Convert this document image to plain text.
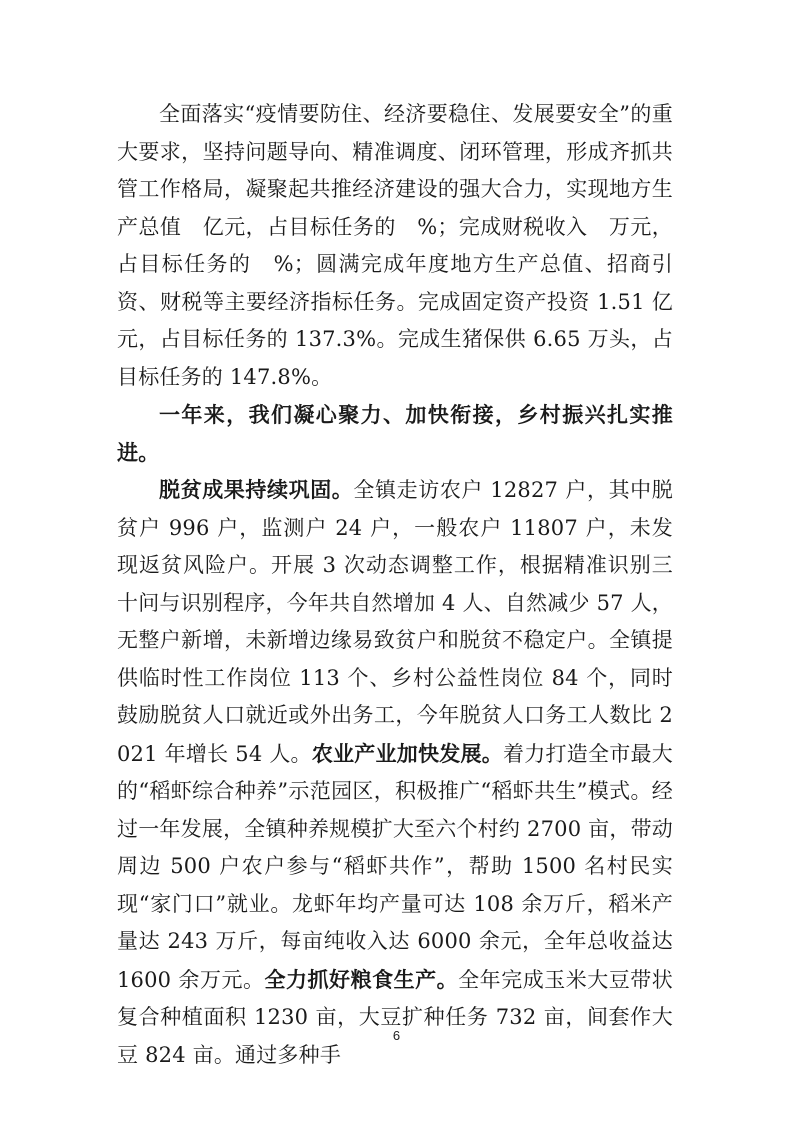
全面落实“疫情要防住、经济要稳住、发展要安全”的重大要求，坚持问题导向、精准调度、闭环管理，形成齐抓共管工作格局，凝聚起共推经济建设的强大合力，实现地方生产总值　亿元，占目标任务的　%；完成财税收入　万元，占目标任务的　%；圆满完成年度地方生产总值、招商引资、财税等主要经济指标任务。完成固定资产投资 1.51 亿元，占目标任务的 137.3%。完成生猪保供 6.65 万头，占目标任务的 147.8%。

一年来，我们凝心聚力、加快衔接，乡村振兴扎实推进。

脱贫成果持续巩固。全镇走访农户 12827 户，其中脱贫户 996 户，监测户 24 户，一般农户 11807 户，未发现返贫风险户。开展 3 次动态调整工作，根据精准识别三十问与识别程序，今年共自然增加 4 人、自然减少 57 人，无整户新增，未新增边缘易致贫户和脱贫不稳定户。全镇提供临时性工作岗位 113 个、乡村公益性岗位 84 个，同时鼓励脱贫人口就近或外出务工，今年脱贫人口务工人数比 2021 年增长 54 人。农业产业加快发展。着力打造全市最大的“稻虾综合种养”示范园区，积极推广“稻虾共生”模式。经过一年发展，全镇种养规模扩大至六个村约 2700 亩，带动周边 500 户农户参与“稻虾共作”，帮助 1500 名村民实现“家门口”就业。龙虾年均产量可达 108 余万斤，稻米产量达 243 万斤，每亩纯收入达 6000 余元，全年总收益达 1600 余万元。全力抓好粮食生产。全年完成玉米大豆带状复合种植面积 1230 亩，大豆扩种任务 732 亩，间套作大豆 824 亩。通过多种手

6
